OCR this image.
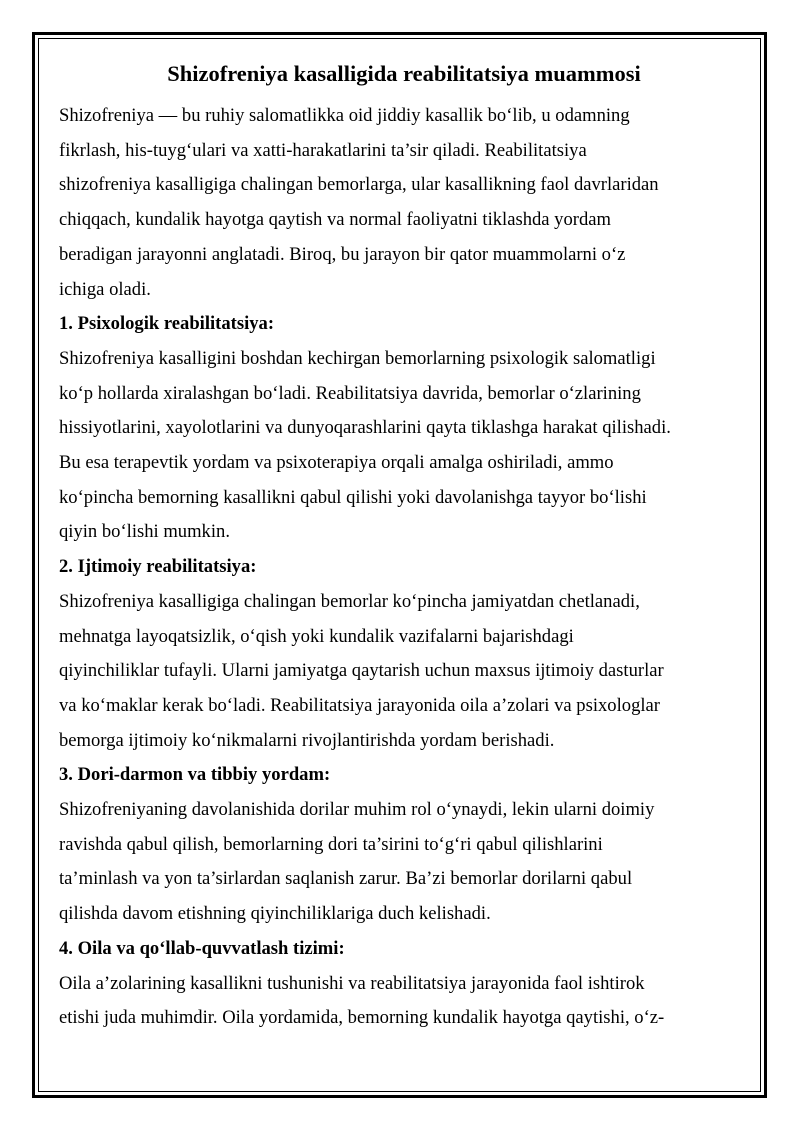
Shizofreniya kasalligida reabilitatsiya muammosi

Shizofreniya — bu ruhiy salomatlikka oid jiddiy kasallik bo‘lib, u odamning
fikrlash, his-tuyg‘ulari va xatti-harakatlarini ta’sir qiladi. Reabilitatsiya
shizofreniya kasalligiga chalingan bemorlarga, ular kasallikning faol davrlaridan
chiqqach, kundalik hayotga qaytish va normal faoliyatni tiklashda yordam
beradigan jarayonni anglatadi. Biroq, bu jarayon bir qator muammolarni o‘z
ichiga oladi.

1. Psixologik reabilitatsiya:

Shizofreniya kasalligini boshdan kechirgan bemorlarning psixologik salomatligi
ko‘p hollarda xiralashgan bo‘ladi. Reabilitatsiya davrida, bemorlar o‘zlarining
hissiyotlarini, xayolotlarini va dunyoqarashlarini qayta tiklashga harakat qilishadi.
Bu esa terapevtik yordam va psixoterapiya orqali amalga oshiriladi, ammo
ko‘pincha bemorning kasallikni qabul qilishi yoki davolanishga tayyor bo‘lishi
qiyin bo‘lishi mumkin.

2. Ijtimoiy reabilitatsiya:

Shizofreniya kasalligiga chalingan bemorlar ko‘pincha jamiyatdan chetlanadi,
mehnatga layoqatsizlik, o‘qish yoki kundalik vazifalarni bajarishdagi
qiyinchiliklar tufayli. Ularni jamiyatga qaytarish uchun maxsus ijtimoiy dasturlar
va ko‘maklar kerak bo‘ladi. Reabilitatsiya jarayonida oila a’zolari va psixologlar
bemorga ijtimoiy ko‘nikmalarni rivojlantirishda yordam berishadi.

3. Dori-darmon va tibbiy yordam:

Shizofreniyaning davolanishida dorilar muhim rol o‘ynaydi, lekin ularni doimiy
ravishda qabul qilish, bemorlarning dori ta’sirini to‘g‘ri qabul qilishlarini
ta’minlash va yon ta’sirlardan saqlanish zarur. Ba’zi bemorlar dorilarni qabul
qilishda davom etishning qiyinchiliklariga duch kelishadi.

4. Oila va qo‘llab-quvvatlash tizimi:

Oila a’zolarining kasallikni tushunishi va reabilitatsiya jarayonida faol ishtirok
etishi juda muhimdir. Oila yordamida, bemorning kundalik hayotga qaytishi, o‘z-
